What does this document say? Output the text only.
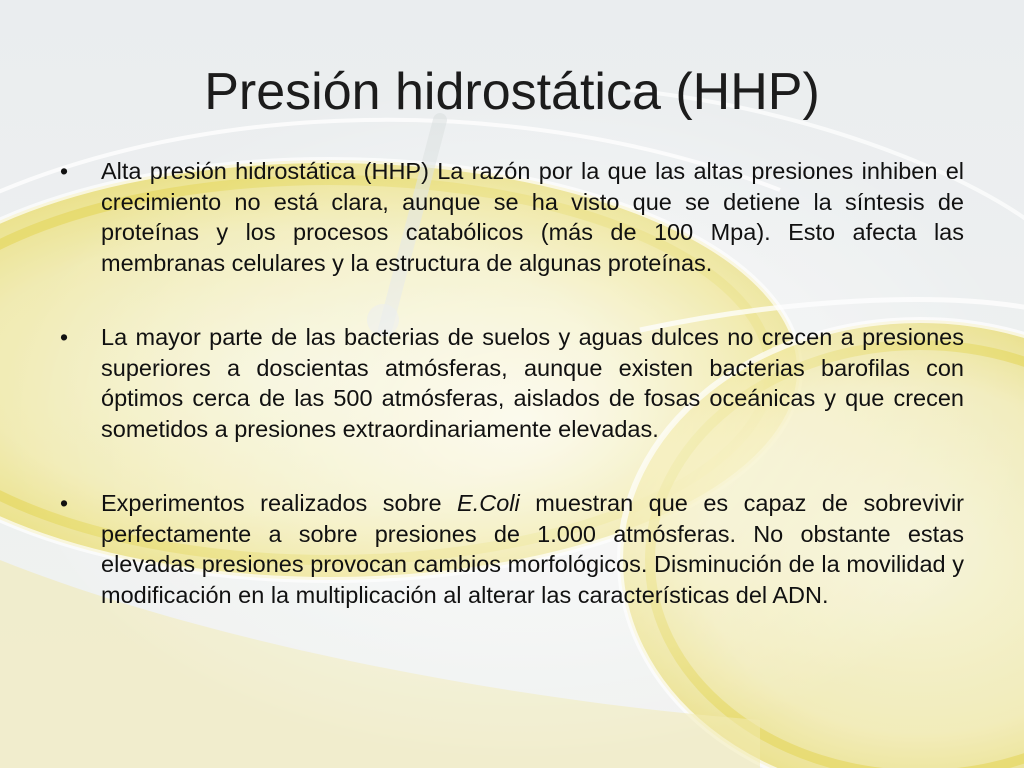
Presión hidrostática (HHP)
• Alta presión hidrostática (HHP) La razón por la que las altas presiones inhiben el crecimiento no está clara, aunque se ha visto que se detiene la síntesis de proteínas y los procesos catabólicos (más de 100 Mpa). Esto afecta las membranas celulares y la estructura de algunas proteínas.
• La mayor parte de las bacterias de suelos y aguas dulces no crecen a presiones superiores a doscientas atmósferas, aunque existen bacterias barofilas con óptimos cerca de las 500 atmósferas, aislados de fosas oceánicas y que crecen sometidos a presiones extraordinariamente elevadas.
• Experimentos realizados sobre E.Coli muestran que es capaz de sobrevivir perfectamente a sobre presiones de 1.000 atmósferas. No obstante estas elevadas presiones provocan cambios morfológicos. Disminución de la movilidad y modificación en la multiplicación al alterar las características del ADN.
